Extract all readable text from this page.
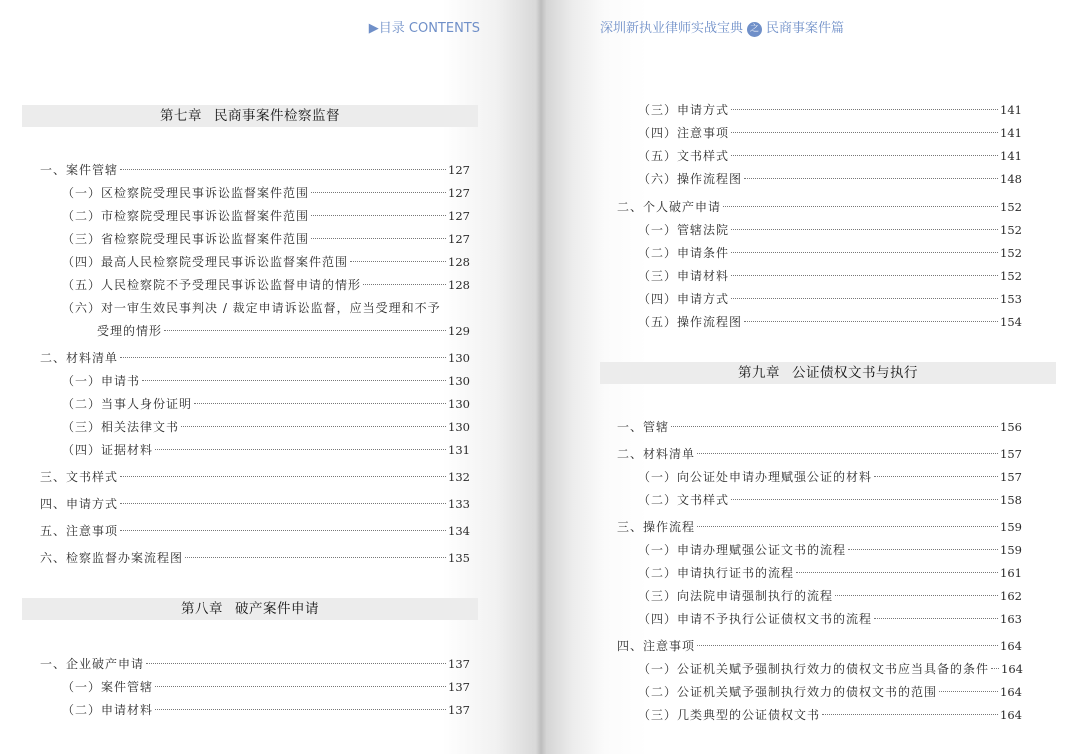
▶目录 CONTENTS
第七章 民商事案件检察监督
一、案件管辖	127
（一）区检察院受理民事诉讼监督案件范围	127
（二）市检察院受理民事诉讼监督案件范围	127
（三）省检察院受理民事诉讼监督案件范围	127
（四）最高人民检察院受理民事诉讼监督案件范围	128
（五）人民检察院不予受理民事诉讼监督申请的情形	128
（六）对一审生效民事判决 / 裁定申请诉讼监督，应当受理和不予
受理的情形	129
二、材料清单	130
（一）申请书	130
（二）当事人身份证明	130
（三）相关法律文书	130
（四）证据材料	131
三、文书样式	132
四、申请方式	133
五、注意事项	134
六、检察监督办案流程图	135
第八章 破产案件申请
一、企业破产申请	137
（一）案件管辖	137
（二）申请材料	137
深圳新执业律师实战宝典 之 民商事案件篇
（三）申请方式	141
（四）注意事项	141
（五）文书样式	141
（六）操作流程图	148
二、个人破产申请	152
（一）管辖法院	152
（二）申请条件	152
（三）申请材料	152
（四）申请方式	153
（五）操作流程图	154
第九章 公证债权文书与执行
一、管辖	156
二、材料清单	157
（一）向公证处申请办理赋强公证的材料	157
（二）文书样式	158
三、操作流程	159
（一）申请办理赋强公证文书的流程	159
（二）申请执行证书的流程	161
（三）向法院申请强制执行的流程	162
（四）申请不予执行公证债权文书的流程	163
四、注意事项	164
（一）公证机关赋予强制执行效力的债权文书应当具备的条件 164
（二）公证机关赋予强制执行效力的债权文书的范围	164
（三）几类典型的公证债权文书	164
